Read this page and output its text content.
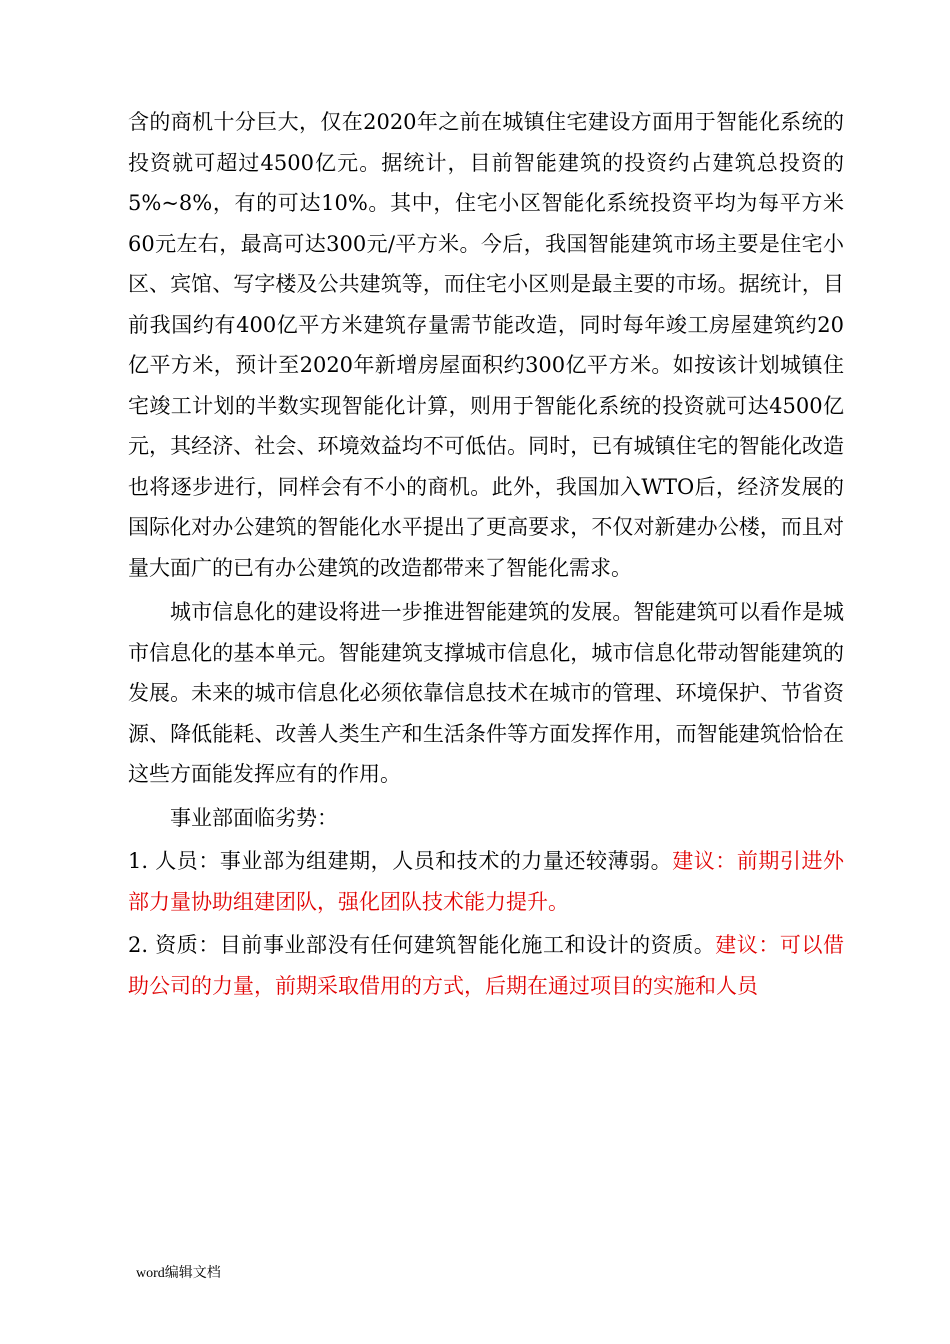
含的商机十分巨大，仅在2020年之前在城镇住宅建设方面用于智能化系统的投资就可超过4500亿元。据统计，目前智能建筑的投资约占建筑总投资的5%~8%，有的可达10%。其中，住宅小区智能化系统投资平均为每平方米60元左右，最高可达300元/平方米。今后，我国智能建筑市场主要是住宅小区、宾馆、写字楼及公共建筑等，而住宅小区则是最主要的市场。据统计，目前我国约有400亿平方米建筑存量需节能改造，同时每年竣工房屋建筑约20亿平方米，预计至2020年新增房屋面积约300亿平方米。如按该计划城镇住宅竣工计划的半数实现智能化计算，则用于智能化系统的投资就可达4500亿元，其经济、社会、环境效益均不可低估。同时，已有城镇住宅的智能化改造也将逐步进行，同样会有不小的商机。此外，我国加入WTO后，经济发展的国际化对办公建筑的智能化水平提出了更高要求，不仅对新建办公楼，而且对量大面广的已有办公建筑的改造都带来了智能化需求。

城市信息化的建设将进一步推进智能建筑的发展。智能建筑可以看作是城市信息化的基本单元。智能建筑支撑城市信息化，城市信息化带动智能建筑的发展。未来的城市信息化必须依靠信息技术在城市的管理、环境保护、节省资源、降低能耗、改善人类生产和生活条件等方面发挥作用，而智能建筑恰恰在这些方面能发挥应有的作用。

事业部面临劣势：

1. 人员：事业部为组建期，人员和技术的力量还较薄弱。建议：前期引进外部力量协助组建团队，强化团队技术能力提升。

2. 资质：目前事业部没有任何建筑智能化施工和设计的资质。建议：可以借助公司的力量，前期采取借用的方式，后期在通过项目的实施和人员

word编辑文档
